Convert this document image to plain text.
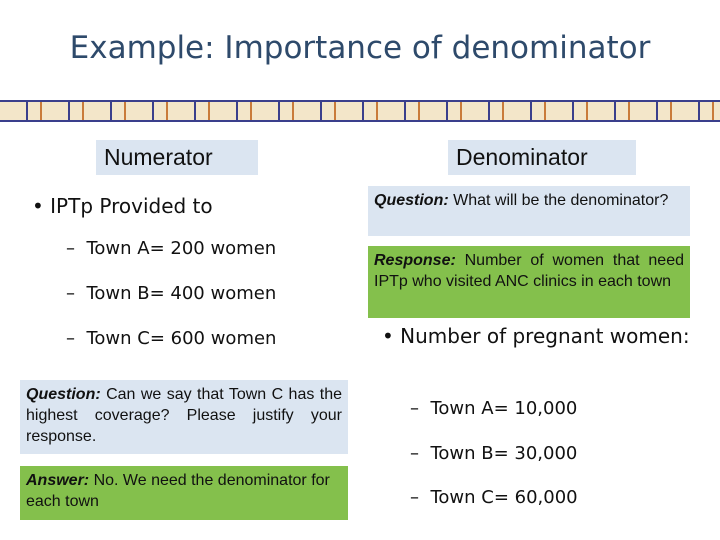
Example: Importance of denominator
Numerator
• IPTp Provided to
–  Town A= 200 women
–  Town B= 400 women
–  Town C= 600 women
Question: Can we say that Town C has the highest coverage? Please justify your response.
Answer: No. We need the denominator for each town
Denominator
Question: What will be the denominator?
Response: Number of women that need IPTp who visited ANC clinics in each town
• Number of pregnant women:
–  Town A= 10,000
–  Town B= 30,000
–  Town C= 60,000
